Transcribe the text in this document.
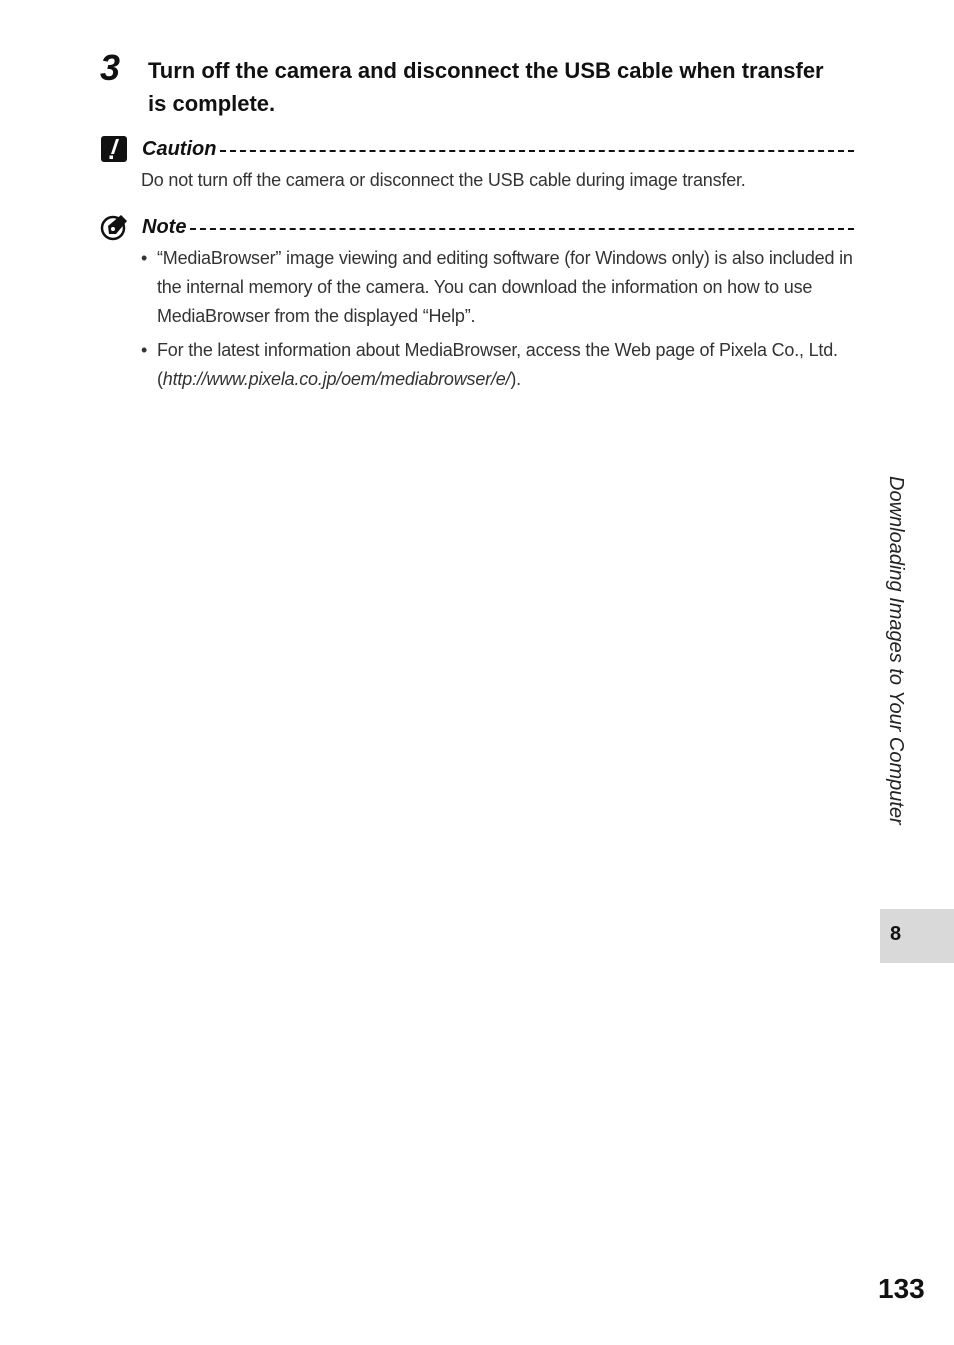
3 Turn off the camera and disconnect the USB cable when transfer is complete.
Caution
Do not turn off the camera or disconnect the USB cable during image transfer.
Note
• “MediaBrowser” image viewing and editing software (for Windows only) is also included in the internal memory of the camera. You can download the information on how to use MediaBrowser from the displayed “Help”.
• For the latest information about MediaBrowser, access the Web page of Pixela Co., Ltd. (http://www.pixela.co.jp/oem/mediabrowser/e/).
Downloading Images to Your Computer
8
133
